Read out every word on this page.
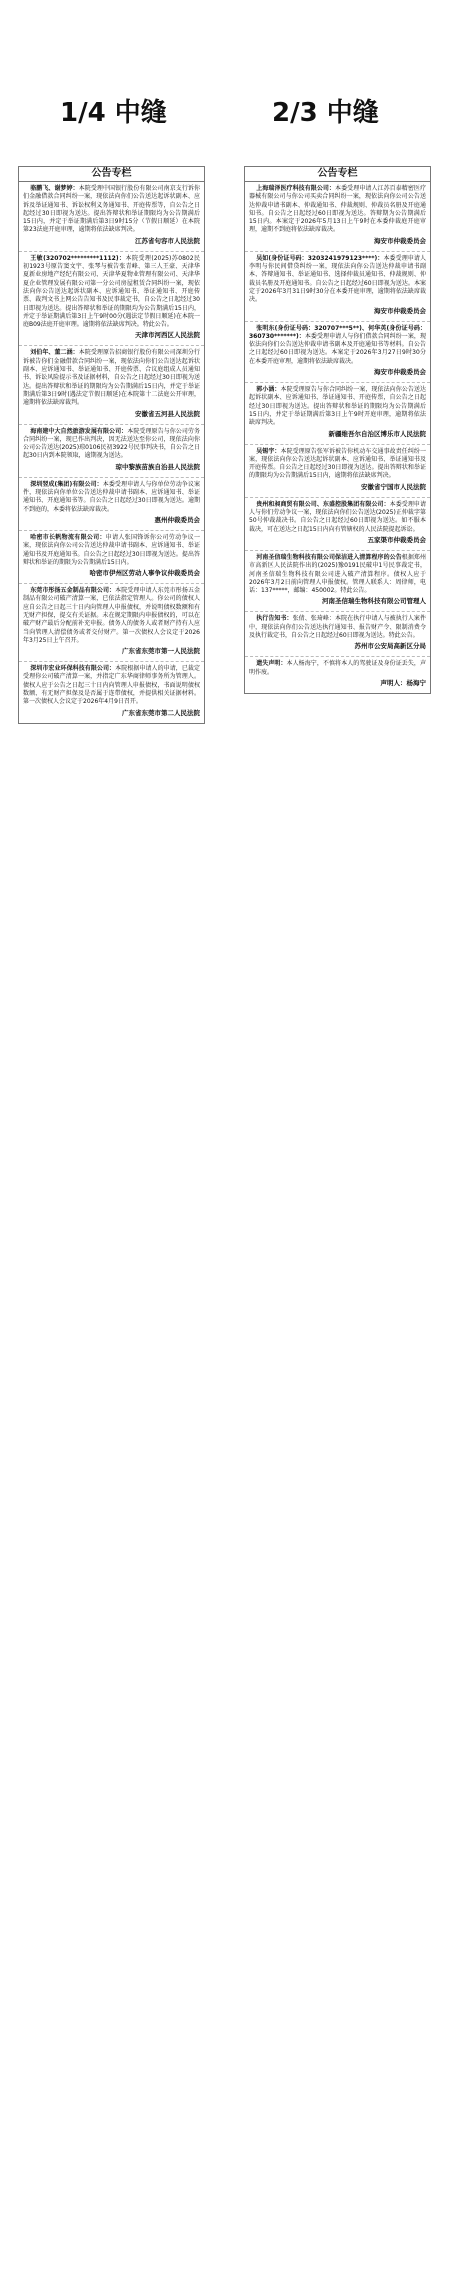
1/4 中缝	2/3 中缝
公告专栏
骆鹏飞、谢梦婷：本院受理中国银行股份有限公司南京支行诉你们金融借款合同纠纷一案，现依法向你们公告送达起诉状副本、应诉及举证通知书、诉讼权利义务通知书、开庭传票等，自公告之日起经过30日即视为送达。提出答辩状和举证期限均为公告期满后15日内，并定于举证期满后第3日9时15分（节假日顺延）在本院第23法庭开庭审理，逾期将依法缺席判决。
江苏省句容市人民法院
王敏(320702*********1112)：本院受理(2025)苏0802民初1923号原告窦文宇、张琴与被告张青峰、第三人王豪、天津华夏新业房地产经纪有限公司、天津华夏物业管理有限公司、天津华夏企业管理发展有限公司第一分公司房屋租赁合同纠纷一案，现依法向你公告送达起诉状副本、应诉通知书、举证通知书、开庭传票、裁判文书上网公告告知书及民事裁定书，自公告之日起经过30日即视为送达。提出答辩状和举证的期限均为公告期满后15日内，并定于举证期满后第3日上午9时00分(遇法定节假日顺延)在本院一庭B09法庭开庭审理。逾期将依法缺席判决。特此公告。
天津市河西区人民法院
刘伯年、董二涵：本院受理原告招商银行股份有限公司深圳分行诉被告你们金融借款合同纠纷一案，现依法向你们公告送达起诉状副本、应诉通知书、举证通知书、开庭传票、合议庭组成人员通知书、诉讼风险提示书及证据材料，自公告之日起经过30日即视为送达。提出答辩状和举证的期限均为公告期满后15日内，并定于举证期满后第3日9时(遇法定节假日顺延)在本院第十二法庭公开审理，逾期将依法缺席裁判。
安徽省五河县人民法院
海南建中大自然旅游发展有限公司：本院受理原告与你公司劳务合同纠纷一案，现已作出判决，因无法送达至你公司，现依法向你公司公告送达(2025)琼0106民初3922号民事判决书，自公告之日起30日内到本院领取，逾期视为送达。
琼中黎族苗族自治县人民法院
深圳翌成(集团)有限公司：本委受理申请人与你单位劳动争议案件，现依法向你单位公告送达仲裁申请书副本、应诉通知书、举证通知书、开庭通知书等。自公告之日起经过30日即视为送达。逾期不到庭的，本委将依法缺席裁决。
惠州仲裁委员会
哈密市长帆物流有限公司：申请人张国锋诉你公司劳动争议一案，现依法向你公司公告送达仲裁申请书副本、应诉通知书、举证通知书及开庭通知书。自公告之日起经过30日即视为送达。提出答辩状和举证的期限为公告期满后15日内。
哈密市伊州区劳动人事争议仲裁委员会
东莞市彤扬五金制品有限公司：本院受理申请人东莞市彤扬五金制品有限公司破产清算一案，已依法指定管理人。你公司的债权人应自公告之日起三十日内向管理人申报债权，并说明债权数额和有无财产担保，提交有关证据。未在规定期限内申报债权的，可以在破产财产最后分配前补充申报。债务人的债务人或者财产持有人应当向管理人清偿债务或者交付财产。第一次债权人会议定于2026年3月25日上午召开。
广东省东莞市第一人民法院
深圳市宏业环保科技有限公司：本院根据申请人的申请，已裁定受理你公司破产清算一案，并指定广东华商律师事务所为管理人。债权人应于公告之日起三十日内向管理人申报债权，书面说明债权数额、有无财产担保及是否属于连带债权，并提供相关证据材料。第一次债权人会议定于2026年4月9日召开。
广东省东莞市第二人民法院
公告专栏
上海瑞泽医疗科技有限公司：本委受理申请人江苏百泰精密医疗器械有限公司与你公司买卖合同纠纷一案，现依法向你公司公告送达仲裁申请书副本、仲裁通知书、仲裁规则、仲裁员名册及开庭通知书。自公告之日起经过60日即视为送达。答辩期为公告期满后15日内。本案定于2026年5月13日上午9时在本委仲裁庭开庭审理，逾期不到庭将依法缺席裁决。
海安市仲裁委员会
吴如(身份证号码：3203241979123****)：本委受理申请人李明与你民间借贷纠纷一案，现依法向你公告送达仲裁申请书副本、答辩通知书、举证通知书、选择仲裁员通知书、仲裁规则、仲裁员名册及开庭通知书。自公告之日起经过60日即视为送达。本案定于2026年3月31日9时30分在本委开庭审理，逾期将依法缺席裁决。
海安市仲裁委员会
张明东(身份证号码：320707***5**)、何华英(身份证号码：360730*******)：本委受理申请人与你们借款合同纠纷一案，现依法向你们公告送达仲裁申请书副本及开庭通知书等材料。自公告之日起经过60日即视为送达。本案定于2026年3月27日9时30分在本委开庭审理，逾期将依法缺席裁决。
海安市仲裁委员会
郭小涵：本院受理原告与你合同纠纷一案，现依法向你公告送达起诉状副本、应诉通知书、举证通知书、开庭传票，自公告之日起经过30日即视为送达。提出答辩状和举证的期限均为公告期满后15日内，并定于举证期满后第3日上午9时开庭审理，逾期将依法缺席判决。
新疆维吾尔自治区博乐市人民法院
吴锡宇：本院受理原告张军诉被告你机动车交通事故责任纠纷一案，现依法向你公告送达起诉状副本、应诉通知书、举证通知书及开庭传票。自公告之日起经过30日即视为送达。提出答辩状和举证的期限均为公告期满后15日内，逾期将依法缺席判决。
安徽省宁国市人民法院
贵州和昶商贸有限公司、东盛控股集团有限公司：本委受理申请人与你们劳动争议一案，现依法向你们公告送达(2025)正仲裁字第50号仲裁裁决书。自公告之日起经过60日即视为送达。如不服本裁决，可在送达之日起15日内向有管辖权的人民法院提起诉讼。
五家渠市仲裁委员会
河南圣信瑞生物科技有限公司保洁进入清算程序的公告根据郑州市高新区人民法院作出的(2025)豫0191民破申1号民事裁定书，河南圣信瑞生物科技有限公司进入破产清算程序。债权人应于2026年3月2日前向管理人申报债权。管理人联系人：周律师，电话：137*****，邮编：450002。特此公告。
河南圣信瑞生物科技有限公司管理人
执行告知书：张倩、张琦峰：本院在执行申请人与被执行人案件中，现依法向你们公告送达执行通知书、报告财产令、限制消费令及执行裁定书，自公告之日起经过60日即视为送达。特此公告。
苏州市公安局高新区分局
遗失声明：本人杨海宁，不慎将本人的驾驶证及身份证丢失，声明作废。
声明人：杨海宁
